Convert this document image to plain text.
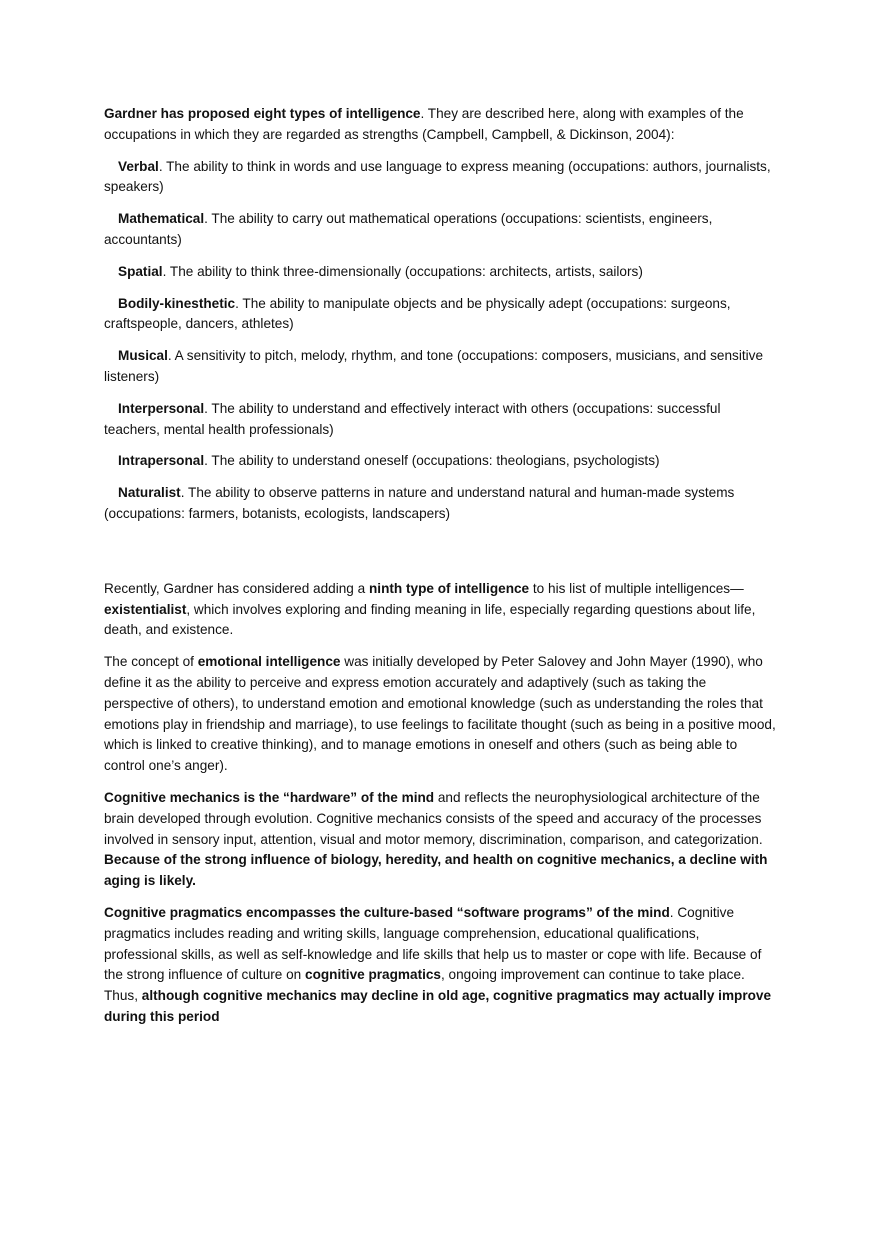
Gardner has proposed eight types of intelligence. They are described here, along with examples of the occupations in which they are regarded as strengths (Campbell, Campbell, & Dickinson, 2004):

Verbal. The ability to think in words and use language to express meaning (occupations: authors, journalists, speakers)

Mathematical. The ability to carry out mathematical operations (occupations: scientists, engineers, accountants)

Spatial. The ability to think three-dimensionally (occupations: architects, artists, sailors)

Bodily-kinesthetic. The ability to manipulate objects and be physically adept (occupations: surgeons, craftspeople, dancers, athletes)

Musical. A sensitivity to pitch, melody, rhythm, and tone (occupations: composers, musicians, and sensitive listeners)

Interpersonal. The ability to understand and effectively interact with others (occupations: successful teachers, mental health professionals)

Intrapersonal. The ability to understand oneself (occupations: theologians, psychologists)

Naturalist. The ability to observe patterns in nature and understand natural and human-made systems (occupations: farmers, botanists, ecologists, landscapers)

Recently, Gardner has considered adding a ninth type of intelligence to his list of multiple intelligences—existentialist, which involves exploring and finding meaning in life, especially regarding questions about life, death, and existence.

The concept of emotional intelligence was initially developed by Peter Salovey and John Mayer (1990), who define it as the ability to perceive and express emotion accurately and adaptively (such as taking the perspective of others), to understand emotion and emotional knowledge (such as understanding the roles that emotions play in friendship and marriage), to use feelings to facilitate thought (such as being in a positive mood, which is linked to creative thinking), and to manage emotions in oneself and others (such as being able to control one’s anger).

Cognitive mechanics is the “hardware” of the mind and reflects the neurophysiological architecture of the brain developed through evolution. Cognitive mechanics consists of the speed and accuracy of the processes involved in sensory input, attention, visual and motor memory, discrimination, comparison, and categorization. Because of the strong influence of biology, heredity, and health on cognitive mechanics, a decline with aging is likely.

Cognitive pragmatics encompasses the culture-based “software programs” of the mind. Cognitive pragmatics includes reading and writing skills, language comprehension, educational qualifications, professional skills, as well as self-knowledge and life skills that help us to master or cope with life. Because of the strong influence of culture on cognitive pragmatics, ongoing improvement can continue to take place. Thus, although cognitive mechanics may decline in old age, cognitive pragmatics may actually improve during this period
